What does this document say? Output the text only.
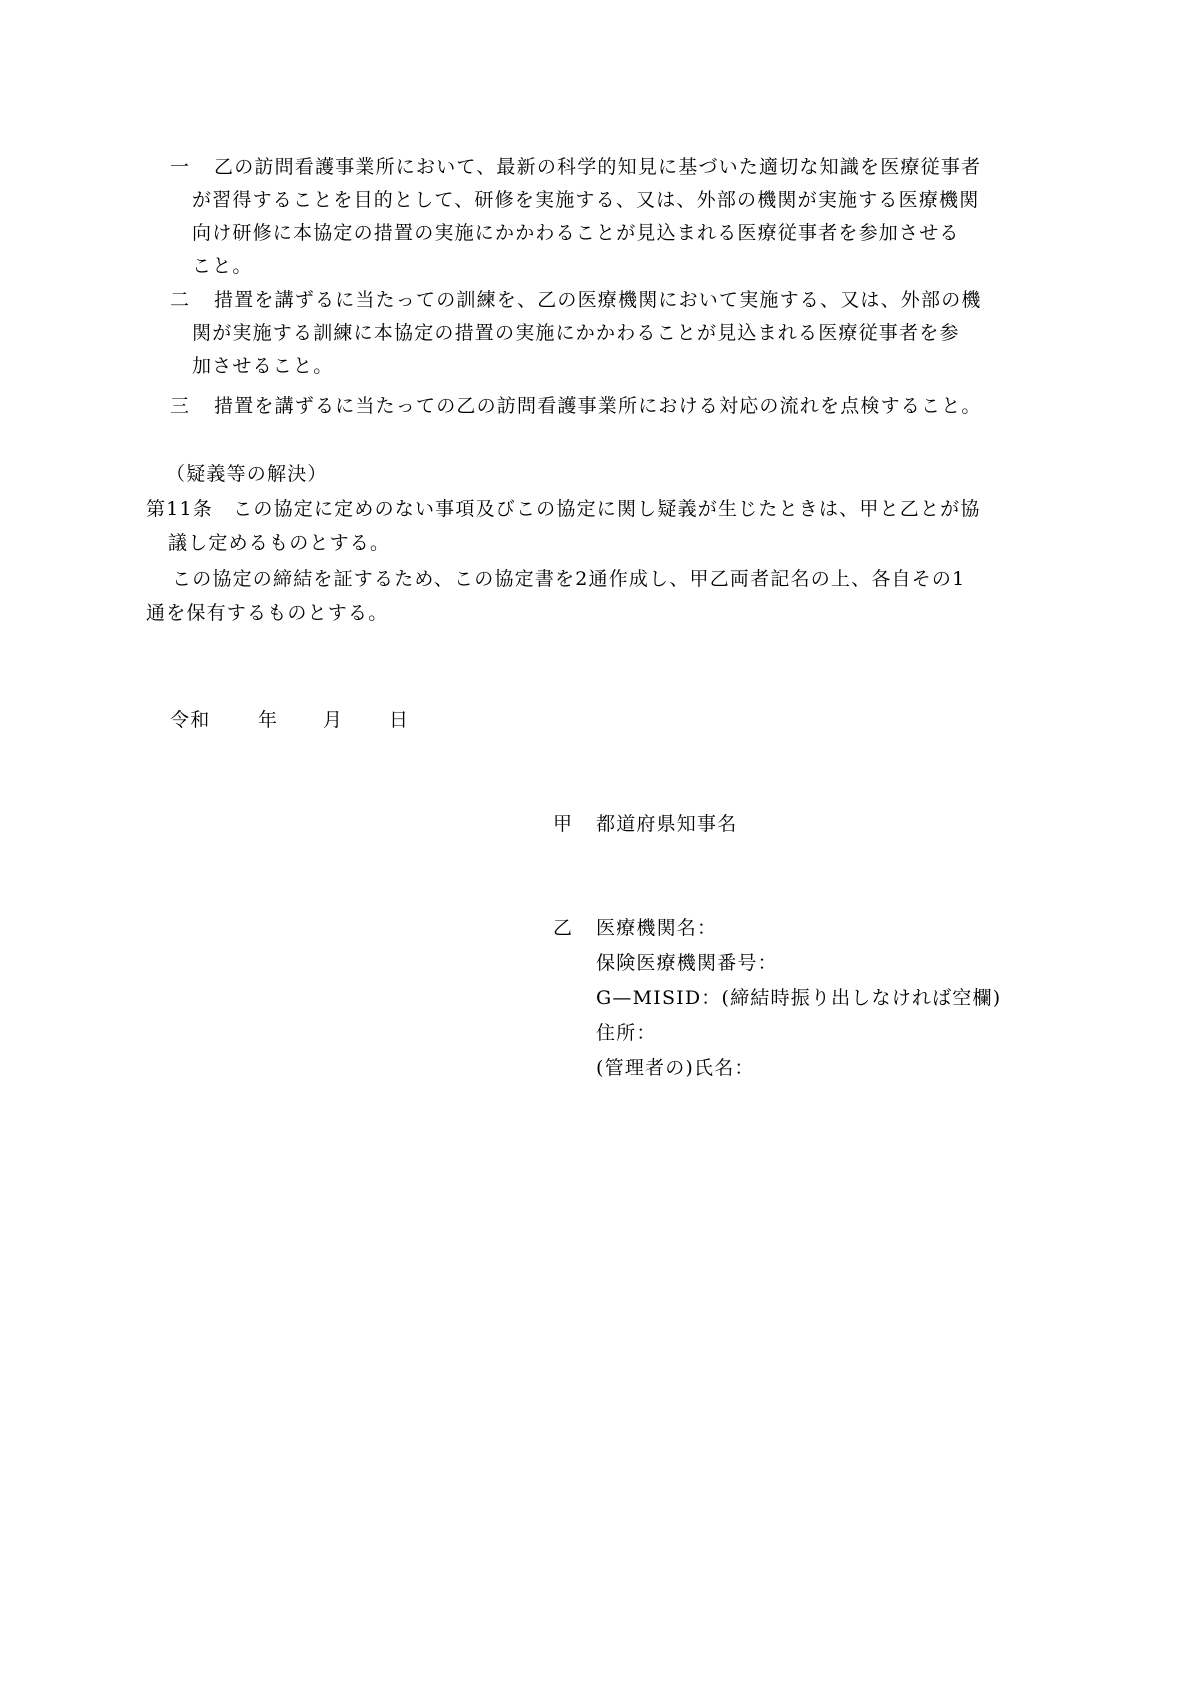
一 乙の訪問看護事業所において、最新の科学的知見に基づいた適切な知識を医療従事者
が習得することを目的として、研修を実施する、又は、外部の機関が実施する医療機関
向け研修に本協定の措置の実施にかかわることが見込まれる医療従事者を参加させる
こと。
二 措置を講ずるに当たっての訓練を、乙の医療機関において実施する、又は、外部の機
関が実施する訓練に本協定の措置の実施にかかわることが見込まれる医療従事者を参
加させること。
三 措置を講ずるに当たっての乙の訪問看護事業所における対応の流れを点検すること。
（疑義等の解決）
第11条　この協定に定めのない事項及びこの協定に関し疑義が生じたときは、甲と乙とが協
議し定めるものとする。
この協定の締結を証するため、この協定書を2通作成し、甲乙両者記名の上、各自その1
通を保有するものとする。
令和	年 月 日
甲 都道府県知事名
乙 医療機関名：
保険医療機関番号：
G—MISID：(締結時振り出しなければ空欄)
住所：
(管理者の)氏名：
